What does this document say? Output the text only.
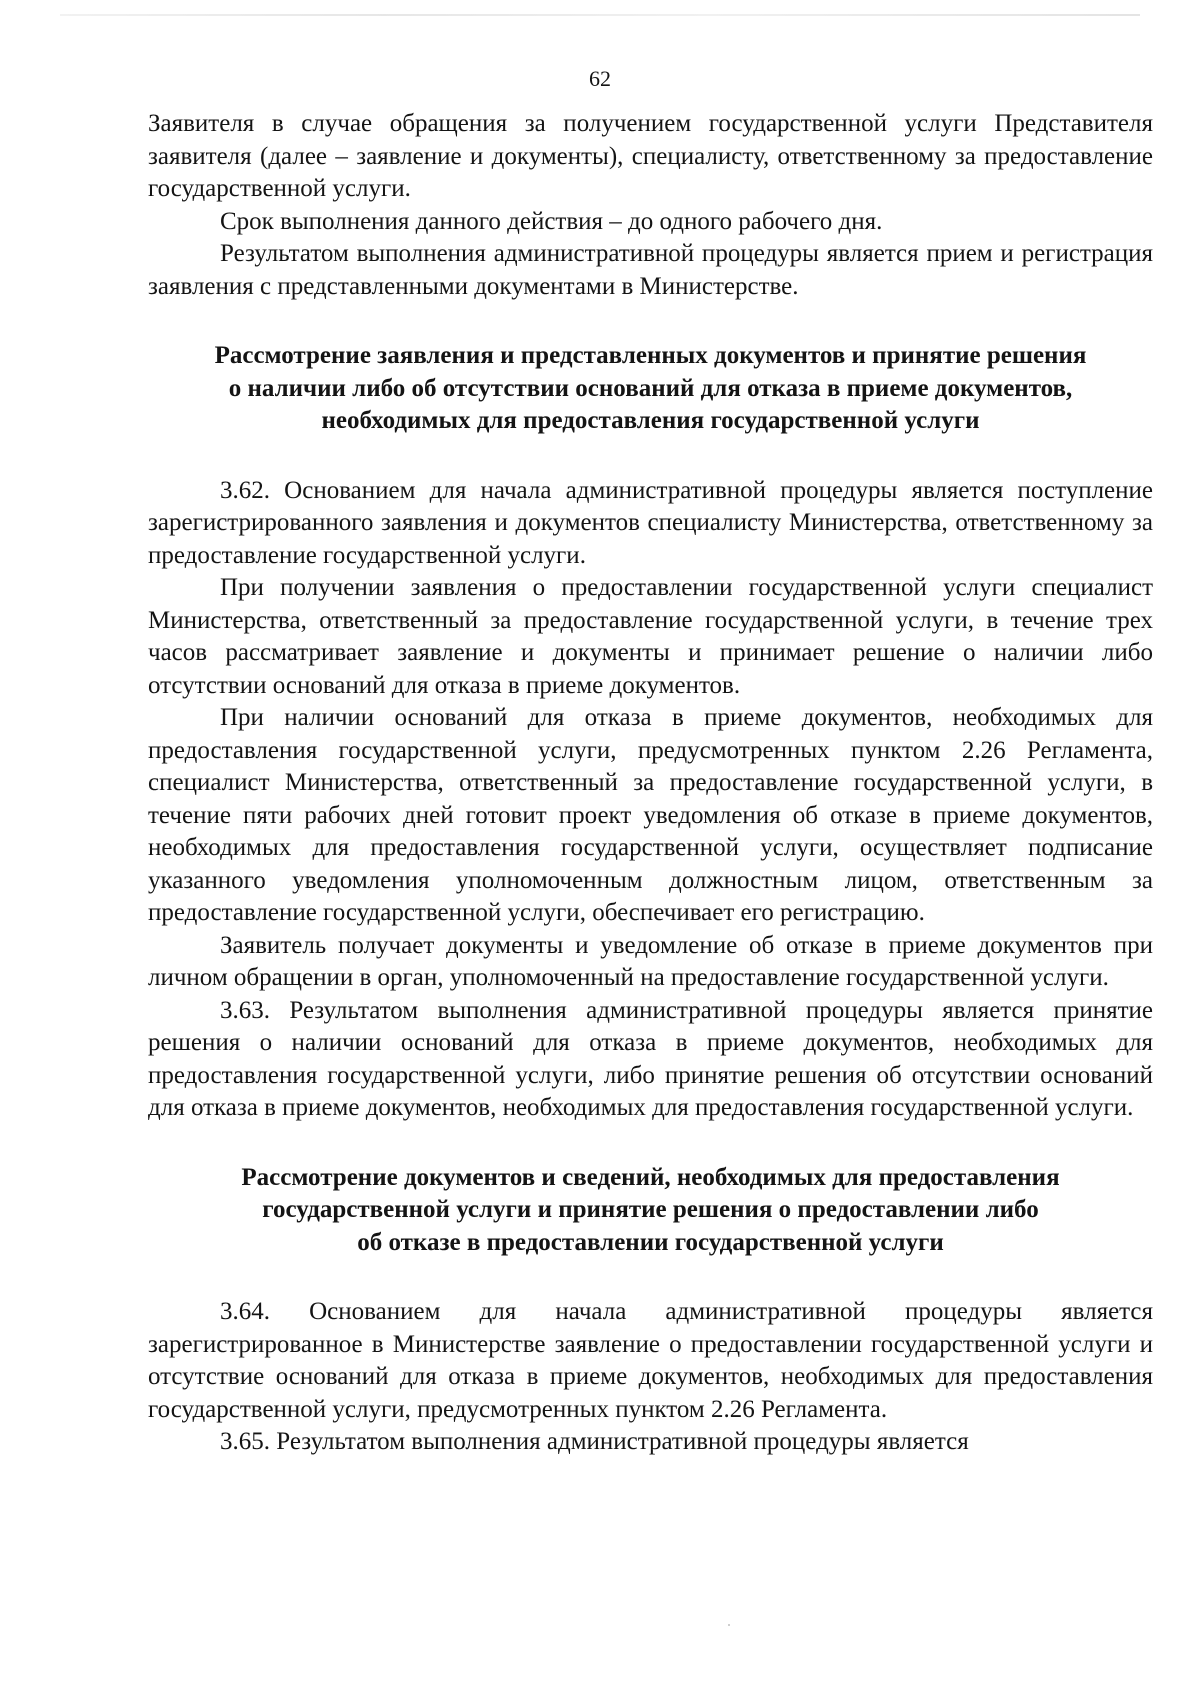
62

Заявителя в случае обращения за получением государственной услуги Представителя заявителя (далее – заявление и документы), специалисту, ответственному за предоставление государственной услуги.

Срок выполнения данного действия – до одного рабочего дня.

Результатом выполнения административной процедуры является прием и регистрация заявления с представленными документами в Министерстве.

Рассмотрение заявления и представленных документов и принятие решения
о наличии либо об отсутствии оснований для отказа в приеме документов,
необходимых для предоставления государственной услуги

3.62. Основанием для начала административной процедуры является поступление зарегистрированного заявления и документов специалисту Министерства, ответственному за предоставление государственной услуги.

При получении заявления о предоставлении государственной услуги специалист Министерства, ответственный за предоставление государственной услуги, в течение трех часов рассматривает заявление и документы и принимает решение о наличии либо отсутствии оснований для отказа в приеме документов.

При наличии оснований для отказа в приеме документов, необходимых для предоставления государственной услуги, предусмотренных пунктом 2.26 Регламента, специалист Министерства, ответственный за предоставление государственной услуги, в течение пяти рабочих дней готовит проект уведомления об отказе в приеме документов, необходимых для предоставления государственной услуги, осуществляет подписание указанного уведомления уполномоченным должностным лицом, ответственным за предоставление государственной услуги, обеспечивает его регистрацию.

Заявитель получает документы и уведомление об отказе в приеме документов при личном обращении в орган, уполномоченный на предоставление государственной услуги.

3.63. Результатом выполнения административной процедуры является принятие решения о наличии оснований для отказа в приеме документов, необходимых для предоставления государственной услуги, либо принятие решения об отсутствии оснований для отказа в приеме документов, необходимых для предоставления государственной услуги.

Рассмотрение документов и сведений, необходимых для предоставления
государственной услуги и принятие решения о предоставлении либо
об отказе в предоставлении государственной услуги

3.64. Основанием для начала административной процедуры является зарегистрированное в Министерстве заявление о предоставлении государственной услуги и отсутствие оснований для отказа в приеме документов, необходимых для предоставления государственной услуги, предусмотренных пунктом 2.26 Регламента.

3.65. Результатом выполнения административной процедуры является
